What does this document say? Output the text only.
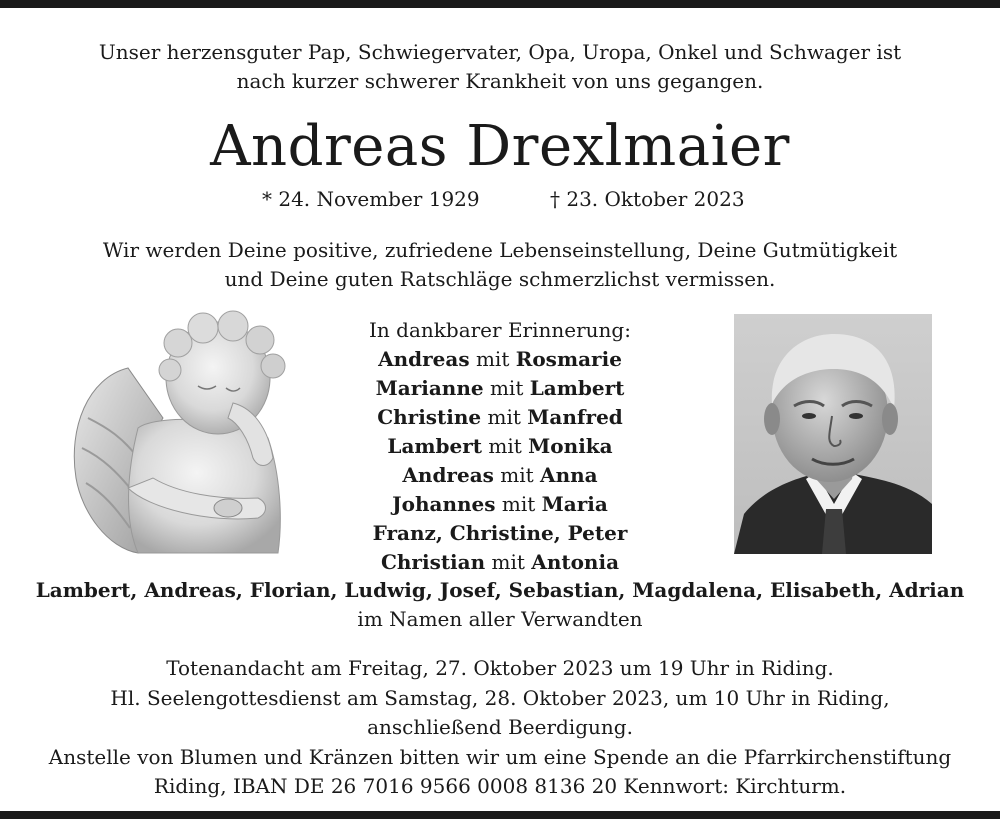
Unser herzensguter Pap, Schwiegervater, Opa, Uropa, Onkel und Schwager ist
nach kurzer schwerer Krankheit von uns gegangen.
Andreas Drexlmaier
* 24. November 1929	† 23. Oktober 2023
Wir werden Deine positive, zufriedene Lebenseinstellung, Deine Gutmütigkeit
und Deine guten Ratschläge schmerzlichst vermissen.
In dankbarer Erinnerung:
Andreas mit Rosmarie
Marianne mit Lambert
Christine mit Manfred
Lambert mit Monika
Andreas mit Anna
Johannes mit Maria
Franz, Christine, Peter
Christian mit Antonia
Lambert, Andreas, Florian, Ludwig, Josef, Sebastian, Magdalena, Elisabeth, Adrian
im Namen aller Verwandten
Totenandacht am Freitag, 27. Oktober 2023 um 19 Uhr in Riding.
Hl. Seelengottesdienst am Samstag, 28. Oktober 2023, um 10 Uhr in Riding,
anschließend Beerdigung.
Anstelle von Blumen und Kränzen bitten wir um eine Spende an die Pfarrkirchenstiftung
Riding, IBAN DE 26 7016 9566 0008 8136 20 Kennwort: Kirchturm.
